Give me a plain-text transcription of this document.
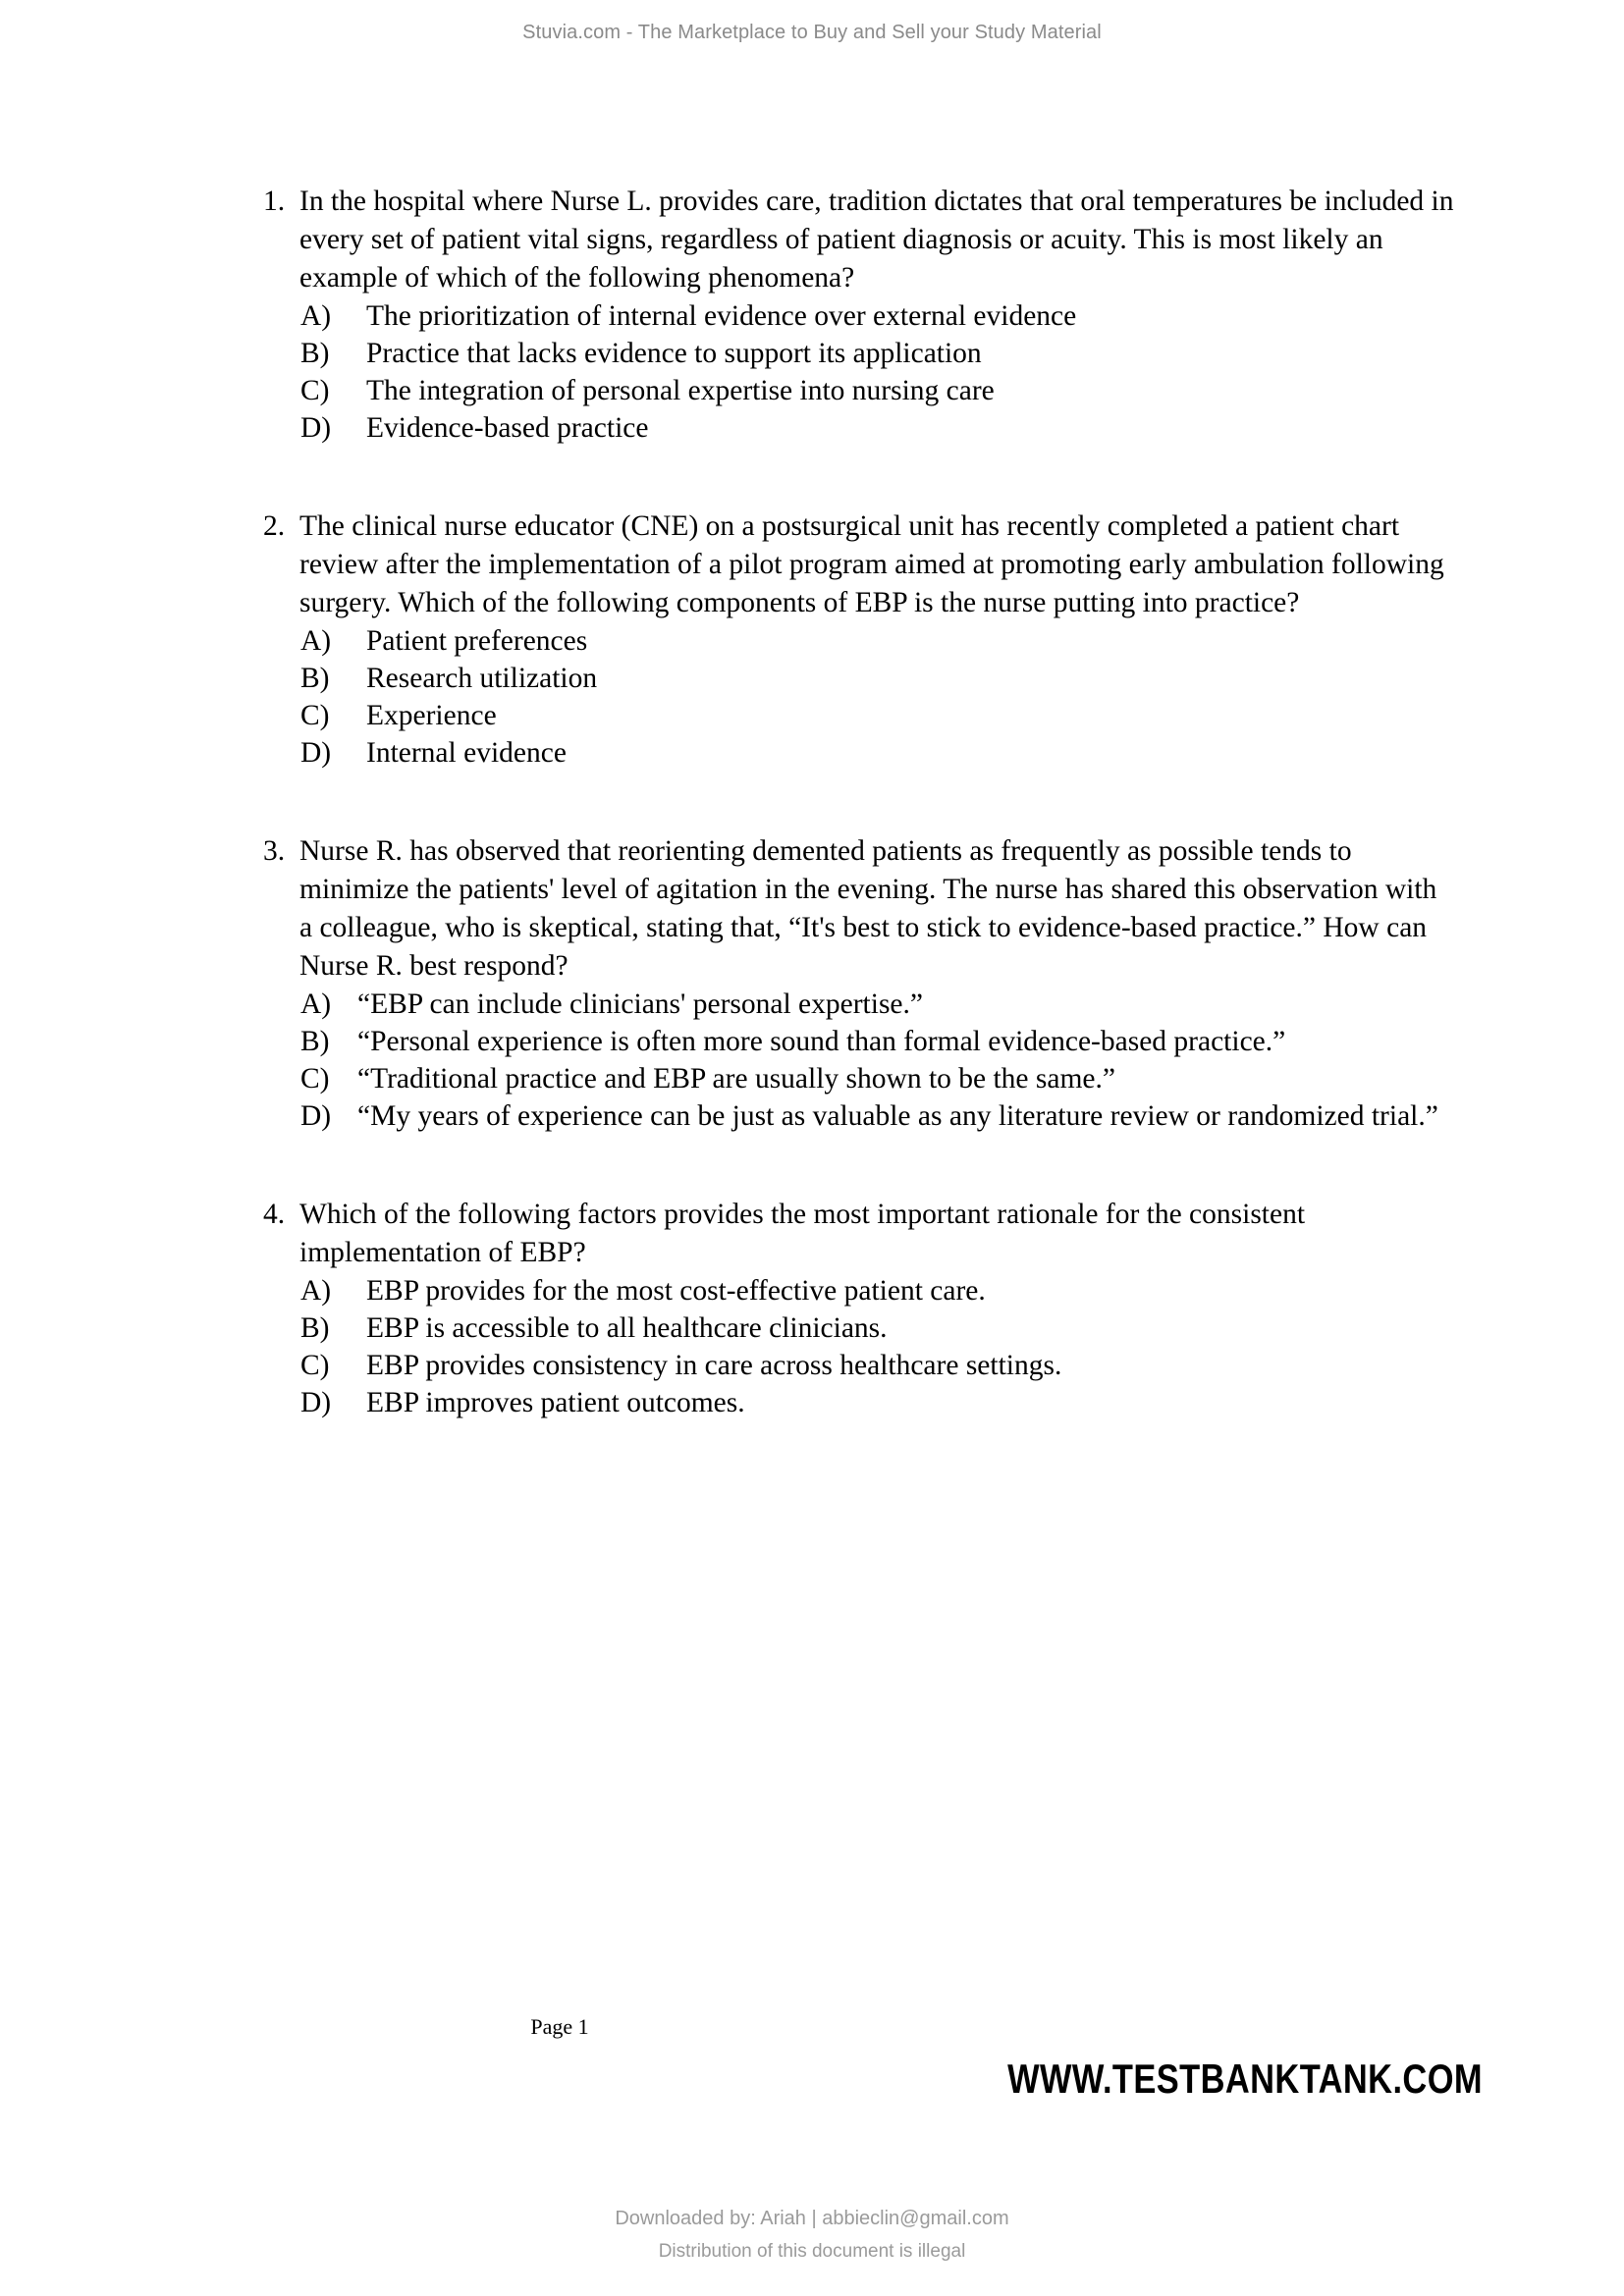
Stuvia.com - The Marketplace to Buy and Sell your Study Material
1. In the hospital where Nurse L. provides care, tradition dictates that oral temperatures be included in every set of patient vital signs, regardless of patient diagnosis or acuity. This is most likely an example of which of the following phenomena?
A)	The prioritization of internal evidence over external evidence
B)	Practice that lacks evidence to support its application
C)	The integration of personal expertise into nursing care
D)	Evidence-based practice
2. The clinical nurse educator (CNE) on a postsurgical unit has recently completed a patient chart review after the implementation of a pilot program aimed at promoting early ambulation following surgery. Which of the following components of EBP is the nurse putting into practice?
A)	Patient preferences
B)	Research utilization
C)	Experience
D)	Internal evidence
3. Nurse R. has observed that reorienting demented patients as frequently as possible tends to minimize the patients' level of agitation in the evening. The nurse has shared this observation with a colleague, who is skeptical, stating that, “It's best to stick to evidence-based practice.” How can Nurse R. best respond?
A) “EBP can include clinicians' personal expertise.”
B) “Personal experience is often more sound than formal evidence-based practice.”
C) “Traditional practice and EBP are usually shown to be the same.”
D) “My years of experience can be just as valuable as any literature review or randomized trial.”
4. Which of the following factors provides the most important rationale for the consistent implementation of EBP?
A)	EBP provides for the most cost-effective patient care.
B)	EBP is accessible to all healthcare clinicians.
C)	EBP provides consistency in care across healthcare settings.
D)	EBP improves patient outcomes.
Page 1
WWW.TESTBANKTANK.COM
Downloaded by: Ariah | abbieclin@gmail.com
Distribution of this document is illegal
